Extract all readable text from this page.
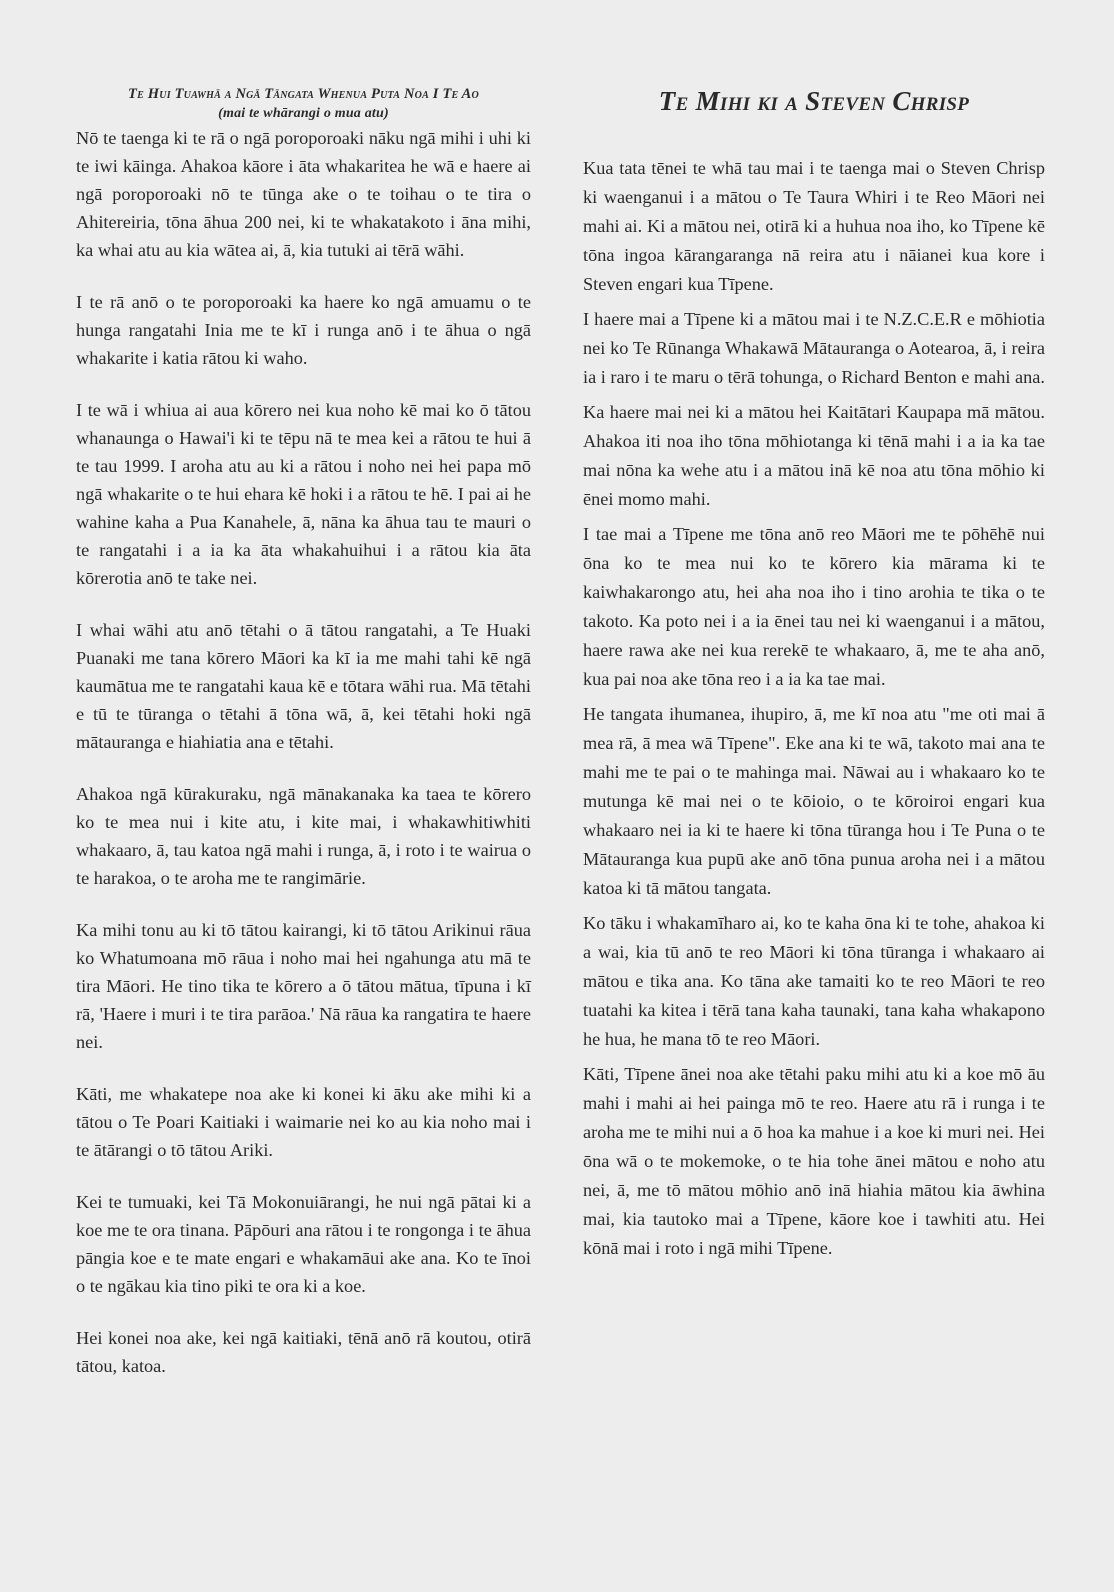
Te Hui Tuawhā a Ngā Tāngata Whenua Puta Noa I Te Ao
(mai te whārangi o mua atu)

Nō te taenga ki te rā o ngā poroporoaki nāku ngā mihi i uhi ki te iwi kāinga. Ahakoa kāore i āta whakaritea he wā e haere ai ngā poroporoaki nō te tūnga ake o te toihau o te tira o Ahitereiria, tōna āhua 200 nei, ki te whakatakoto i āna mihi, ka whai atu au kia wātea ai, ā, kia tutuki ai tērā wāhi.

I te rā anō o te poroporoaki ka haere ko ngā amuamu o te hunga rangatahi Inia me te kī i runga anō i te āhua o ngā whakarite i katia rātou ki waho.

I te wā i whiua ai aua kōrero nei kua noho kē mai ko ō tātou whanaunga o Hawai'i ki te tēpu nā te mea kei a rātou te hui ā te tau 1999. I aroha atu au ki a rātou i noho nei hei papa mō ngā whakarite o te hui ehara kē hoki i a rātou te hē. I pai ai he wahine kaha a Pua Kanahele, ā, nāna ka āhua tau te mauri o te rangatahi i a ia ka āta whakahuihui i a rātou kia āta kōrerotia anō te take nei.

I whai wāhi atu anō tētahi o ā tātou rangatahi, a Te Huaki Puanaki me tana kōrero Māori ka kī ia me mahi tahi kē ngā kaumātua me te rangatahi kaua kē e tōtara wāhi rua. Mā tētahi e tū te tūranga o tētahi ā tōna wā, ā, kei tētahi hoki ngā mātauranga e hiahiatia ana e tētahi.

Ahakoa ngā kūrakuraku, ngā mānakanaka ka taea te kōrero ko te mea nui i kite atu, i kite mai, i whakawhitiwhiti whakaaro, ā, tau katoa ngā mahi i runga, ā, i roto i te wairua o te harakoa, o te aroha me te rangimārie.

Ka mihi tonu au ki tō tātou kairangi, ki tō tātou Arikinui rāua ko Whatumoana mō rāua i noho mai hei ngahunga atu mā te tira Māori. He tino tika te kōrero a ō tātou mātua, tīpuna i kī rā, 'Haere i muri i te tira parāoa.' Nā rāua ka rangatira te haere nei.

Kāti, me whakatepe noa ake ki konei ki āku ake mihi ki a tātou o Te Poari Kaitiaki i waimarie nei ko au kia noho mai i te ātārangi o tō tātou Ariki.

Kei te tumuaki, kei Tā Mokonuiārangi, he nui ngā pātai ki a koe me te ora tinana. Pāpōuri ana rātou i te rongonga i te āhua pāngia koe e te mate engari e whakamāui ake ana. Ko te īnoi o te ngākau kia tino piki te ora ki a koe.

Hei konei noa ake, kei ngā kaitiaki, tēnā anō rā koutou, otirā tātou, katoa.

Te Mihi ki a Steven Chrisp

Kua tata tēnei te whā tau mai i te taenga mai o Steven Chrisp ki waenganui i a mātou o Te Taura Whiri i te Reo Māori nei mahi ai. Ki a mātou nei, otirā ki a huhua noa iho, ko Tīpene kē tōna ingoa kārangaranga nā reira atu i nāianei kua kore i Steven engari kua Tīpene.

I haere mai a Tīpene ki a mātou mai i te N.Z.C.E.R e mōhiotia nei ko Te Rūnanga Whakawā Mātauranga o Aotearoa, ā, i reira ia i raro i te maru o tērā tohunga, o Richard Benton e mahi ana.

Ka haere mai nei ki a mātou hei Kaitātari Kaupapa mā mātou. Ahakoa iti noa iho tōna mōhiotanga ki tēnā mahi i a ia ka tae mai nōna ka wehe atu i a mātou inā kē noa atu tōna mōhio ki ēnei momo mahi.

I tae mai a Tīpene me tōna anō reo Māori me te pōhēhē nui ōna ko te mea nui ko te kōrero kia mārama ki te kaiwhakarongo atu, hei aha noa iho i tino arohia te tika o te takoto. Ka poto nei i a ia ēnei tau nei ki waenganui i a mātou, haere rawa ake nei kua rerekē te whakaaro, ā, me te aha anō, kua pai noa ake tōna reo i a ia ka tae mai.

He tangata ihumanea, ihupiro, ā, me kī noa atu "me oti mai ā mea rā, ā mea wā Tīpene". Eke ana ki te wā, takoto mai ana te mahi me te pai o te mahinga mai. Nāwai au i whakaaro ko te mutunga kē mai nei o te kōioio, o te kōroiroi engari kua whakaaro nei ia ki te haere ki tōna tūranga hou i Te Puna o te Mātauranga kua pupū ake anō tōna punua aroha nei i a mātou katoa ki tā mātou tangata.

Ko tāku i whakamīharo ai, ko te kaha ōna ki te tohe, ahakoa ki a wai, kia tū anō te reo Māori ki tōna tūranga i whakaaro ai mātou e tika ana. Ko tāna ake tamaiti ko te reo Māori te reo tuatahi ka kitea i tērā tana kaha taunaki, tana kaha whakapono he hua, he mana tō te reo Māori.

Kāti, Tīpene ānei noa ake tētahi paku mihi atu ki a koe mō āu mahi i mahi ai hei painga mō te reo. Haere atu rā i runga i te aroha me te mihi nui a ō hoa ka mahue i a koe ki muri nei. Hei ōna wā o te mokemoke, o te hia tohe ānei mātou e noho atu nei, ā, me tō mātou mōhio anō inā hiahia mātou kia āwhina mai, kia tautoko mai a Tīpene, kāore koe i tawhiti atu. Hei kōnā mai i roto i ngā mihi Tīpene.
